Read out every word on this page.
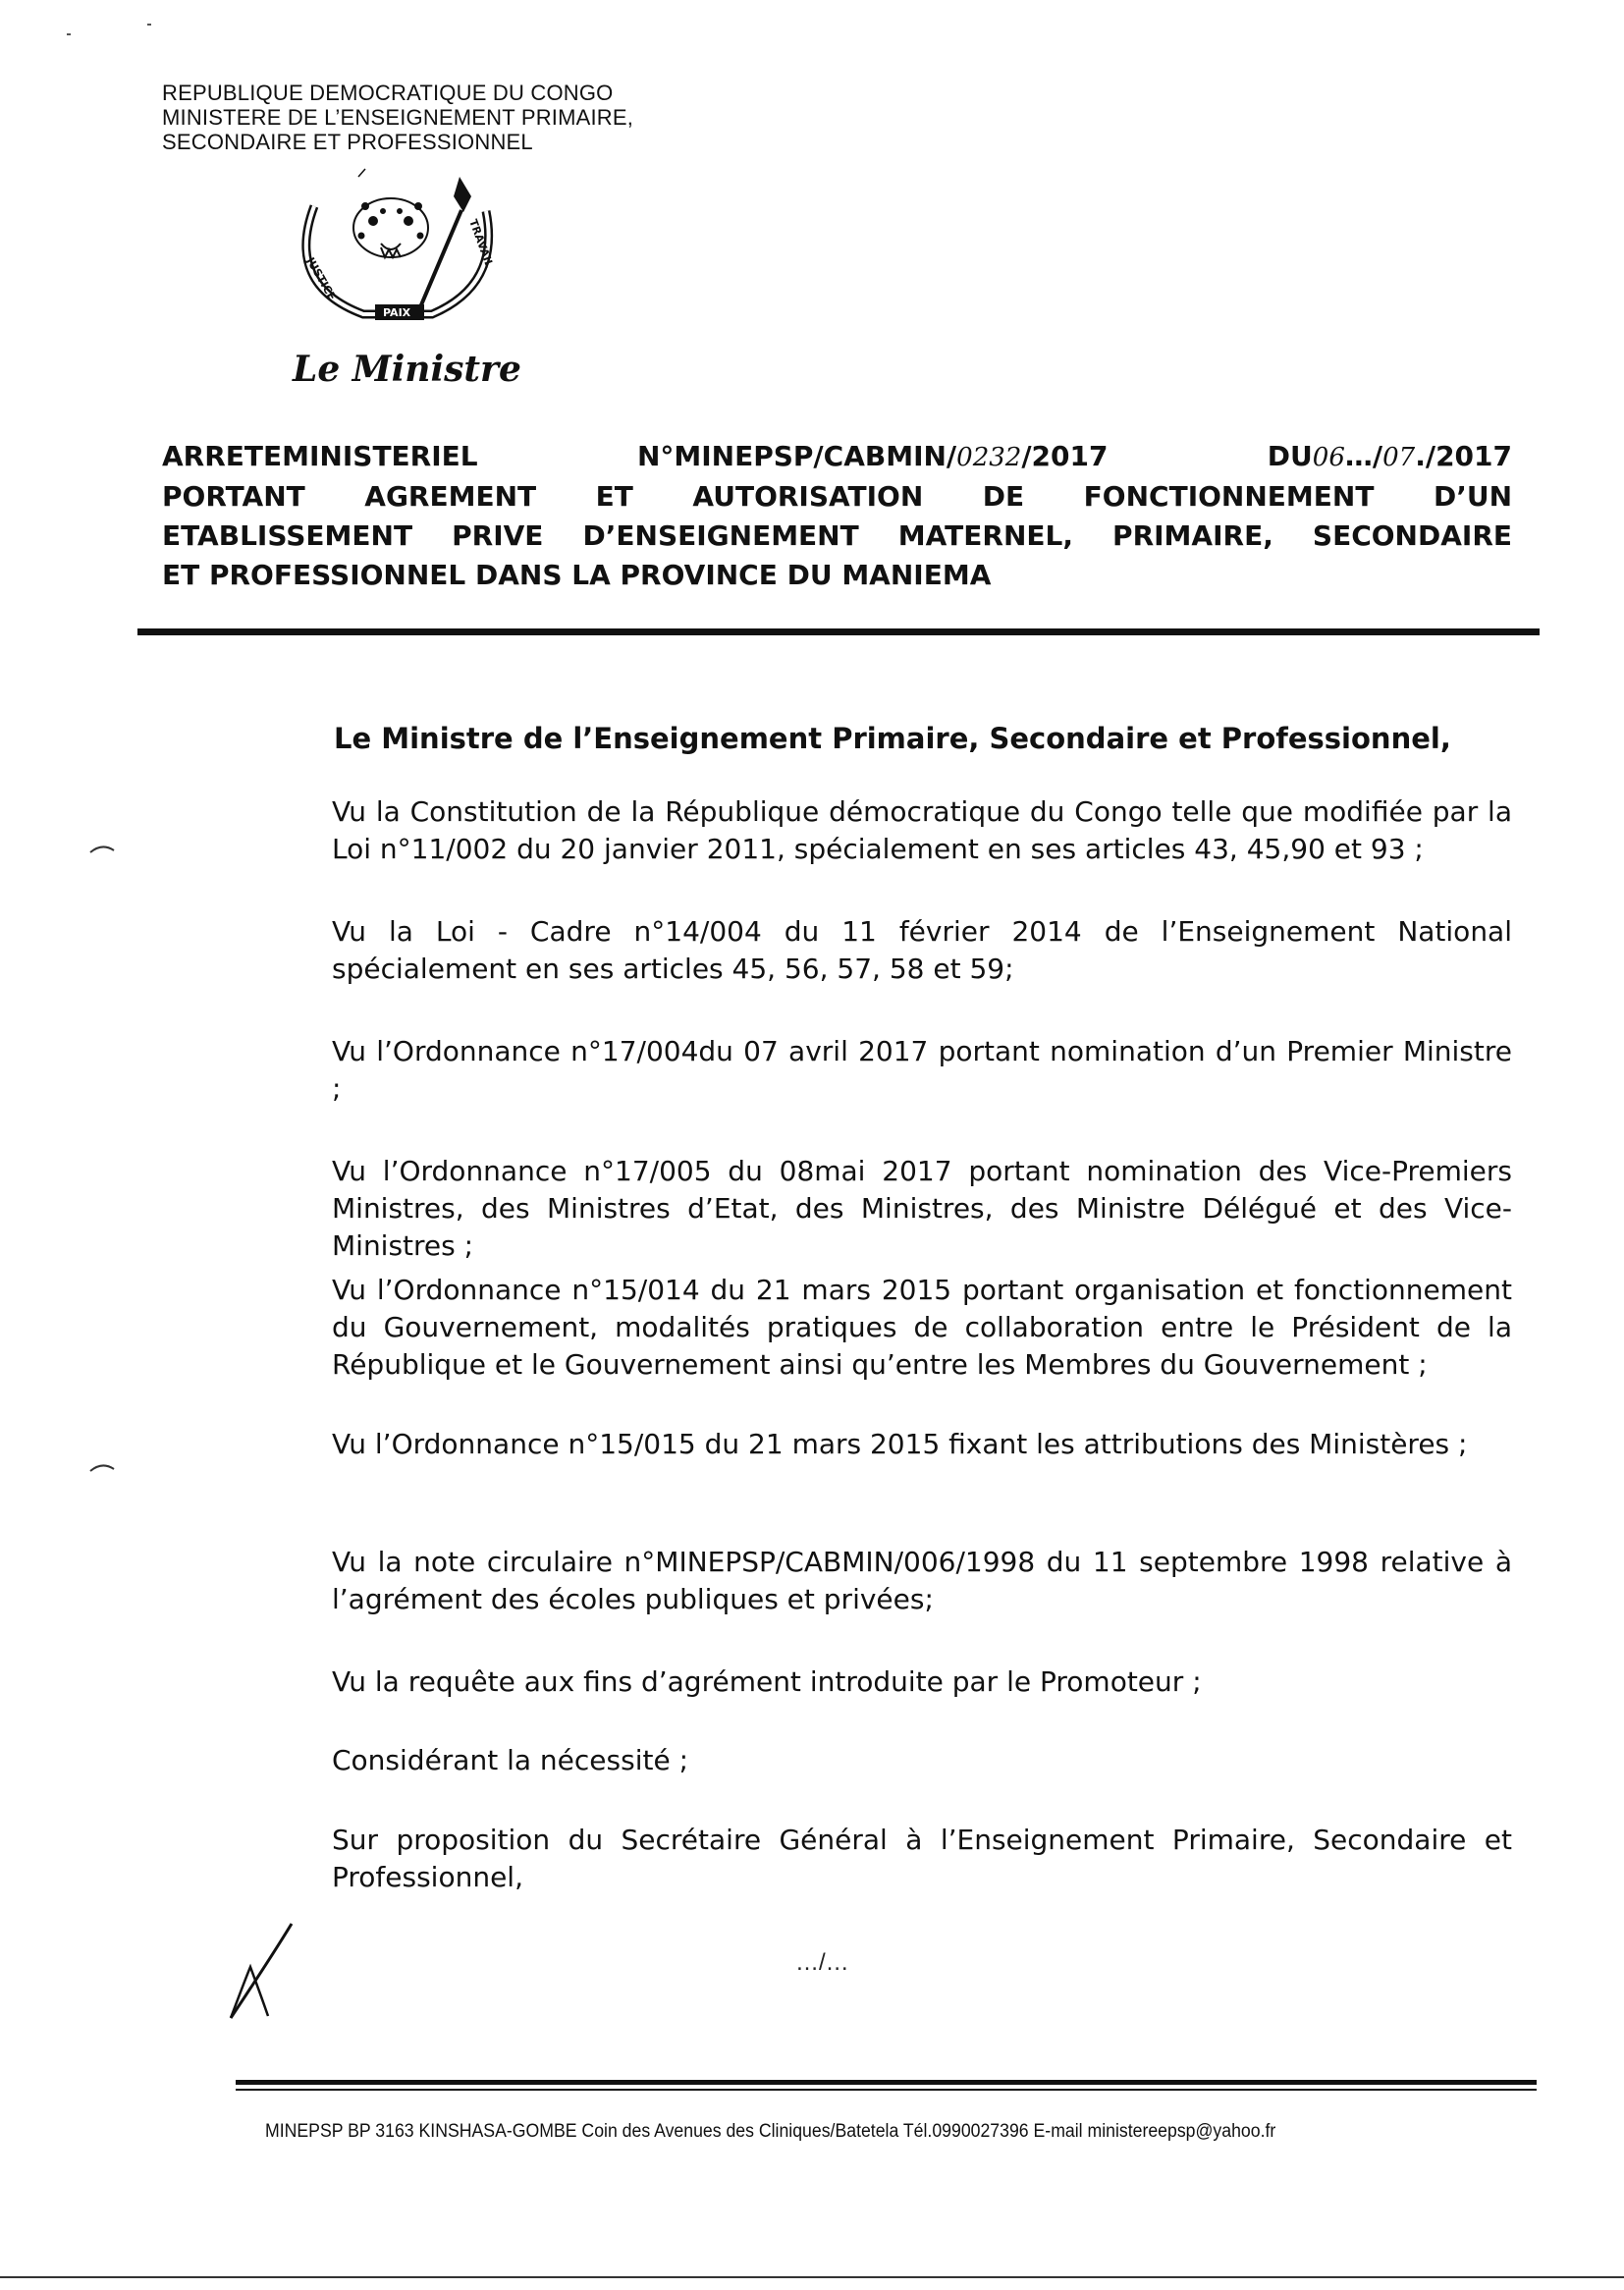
REPUBLIQUE DEMOCRATIQUE DU CONGO
MINISTERE DE L’ENSEIGNEMENT PRIMAIRE,
SECONDAIRE ET PROFESSIONNEL
JUSTICE
PAIX
TRAVAIL
Le Ministre
ARRETEMINISTERIEL	N°MINEPSP/CABMIN/0232/2017	DU06…/07./2017
PORTANT AGREMENT ET AUTORISATION DE FONCTIONNEMENT D’UN
ETABLISSEMENT PRIVE D’ENSEIGNEMENT MATERNEL, PRIMAIRE, SECONDAIRE
ET PROFESSIONNEL DANS LA PROVINCE DU MANIEMA
Le Ministre de l’Enseignement Primaire, Secondaire et Professionnel,
Vu la Constitution de la République démocratique du Congo telle que modifiée par la Loi n°11/002 du 20 janvier 2011, spécialement en ses articles 43, 45,90 et 93 ;
Vu la Loi - Cadre n°14/004 du 11 février 2014 de l’Enseignement National spécialement en ses articles 45, 56, 57, 58 et 59;
Vu l’Ordonnance n°17/004du 07 avril 2017 portant nomination d’un Premier Ministre ;
Vu l’Ordonnance n°17/005 du 08mai 2017 portant nomination des Vice-Premiers Ministres, des Ministres d’Etat, des Ministres, des Ministre Délégué et des Vice-Ministres ;
Vu l’Ordonnance n°15/014 du 21 mars 2015 portant organisation et fonctionnement du Gouvernement, modalités pratiques de collaboration entre le Président de la République et le Gouvernement ainsi qu’entre les Membres du Gouvernement ;
Vu l’Ordonnance n°15/015 du 21 mars 2015 fixant les attributions des Ministères ;
Vu la note circulaire n°MINEPSP/CABMIN/006/1998 du 11 septembre 1998 relative à l’agrément des écoles publiques et privées;
Vu la requête aux fins d’agrément introduite par le Promoteur ;
Considérant la nécessité ;
Sur proposition du Secrétaire Général à l’Enseignement Primaire, Secondaire et Professionnel,
…/…
MINEPSP BP 3163 KINSHASA-GOMBE Coin des Avenues des Cliniques/Batetela Tél.0990027396 E-mail ministereepsp@yahoo.fr
